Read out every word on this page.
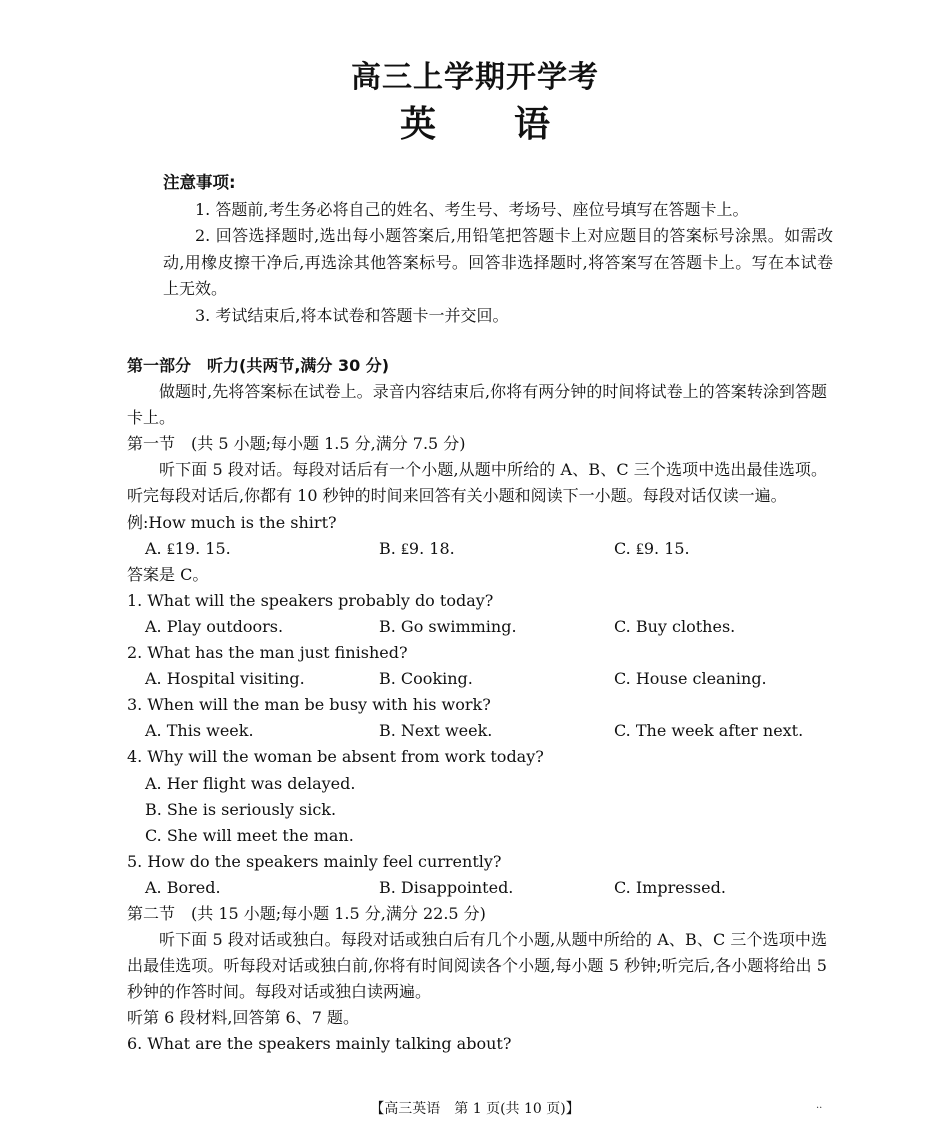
高三上学期开学考
英语

注意事项:

1. 答题前,考生务必将自己的姓名、考生号、考场号、座位号填写在答题卡上。

2. 回答选择题时,选出每小题答案后,用铅笔把答题卡上对应题目的答案标号涂黑。如需改动,用橡皮擦干净后,再选涂其他答案标号。回答非选择题时,将答案写在答题卡上。写在本试卷上无效。

3. 考试结束后,将本试卷和答题卡一并交回。

第一部分　听力(共两节,满分 30 分)

做题时,先将答案标在试卷上。录音内容结束后,你将有两分钟的时间将试卷上的答案转涂到答题卡上。

第一节　(共 5 小题;每小题 1.5 分,满分 7.5 分)

听下面 5 段对话。每段对话后有一个小题,从题中所给的 A、B、C 三个选项中选出最佳选项。听完每段对话后,你都有 10 秒钟的时间来回答有关小题和阅读下一小题。每段对话仅读一遍。

例:How much is the shirt?

A. ₤19. 15.	B. ₤9. 18.	C. ₤9. 15.

答案是 C。

1. What will the speakers probably do today?

A. Play outdoors.	B. Go swimming.	C. Buy clothes.

2. What has the man just finished?

A. Hospital visiting.	B. Cooking.	C. House cleaning.

3. When will the man be busy with his work?

A. This week.	B. Next week.	C. The week after next.

4. Why will the woman be absent from work today?

A. Her flight was delayed.

B. She is seriously sick.

C. She will meet the man.

5. How do the speakers mainly feel currently?

A. Bored.	B. Disappointed.	C. Impressed.

第二节　(共 15 小题;每小题 1.5 分,满分 22.5 分)

听下面 5 段对话或独白。每段对话或独白后有几个小题,从题中所给的 A、B、C 三个选项中选出最佳选项。听每段对话或独白前,你将有时间阅读各个小题,每小题 5 秒钟;听完后,各小题将给出 5 秒钟的作答时间。每段对话或独白读两遍。

听第 6 段材料,回答第 6、7 题。

6. What are the speakers mainly talking about?

【高三英语　第 1 页(共 10 页)】	..
